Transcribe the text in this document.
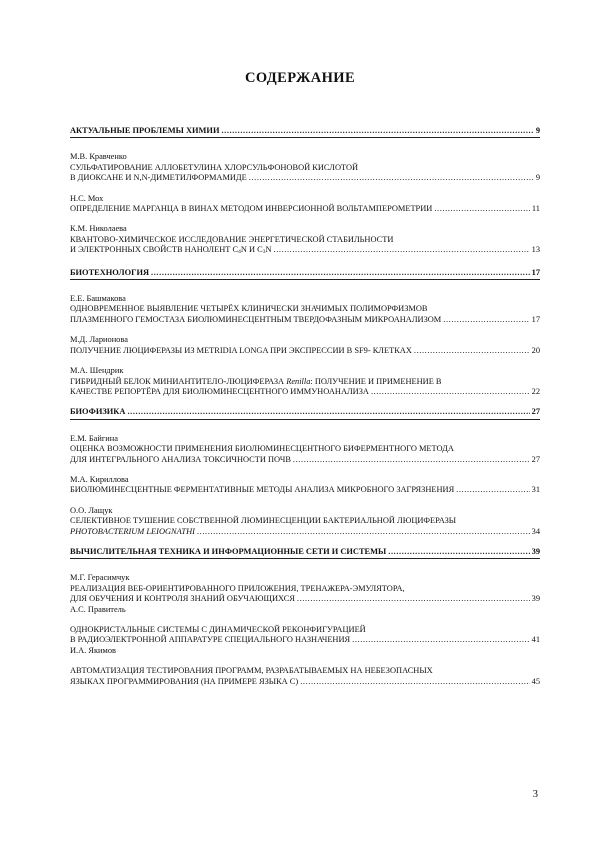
СОДЕРЖАНИЕ
АКТУАЛЬНЫЕ ПРОБЛЕМЫ ХИМИИ .....	9
М.В. Кравченко
СУЛЬФАТИРОВАНИЕ АЛЛОБЕТУЛИНА ХЛОРСУЛЬФОНОВОЙ КИСЛОТОЙ
В ДИОКСАНЕ И N,N-ДИМЕТИЛФОРМАМИДЕ .....	9
Н.С. Мох
ОПРЕДЕЛЕНИЕ МАРГАНЦА В ВИНАХ МЕТОДОМ ИНВЕРСИОННОЙ ВОЛЬТАМПЕРОМЕТРИИ .....	11
К.М. Николаева
КВАНТОВО-ХИМИЧЕСКОЕ ИССЛЕДОВАНИЕ ЭНЕРГЕТИЧЕСКОЙ СТАБИЛЬНОСТИ
И ЭЛЕКТРОННЫХ СВОЙСТВ НАНОЛЕНТ C4N И C3N .....	13
БИОТЕХНОЛОГИЯ .....	17
Е.Е. Башмакова
ОДНОВРЕМЕННОЕ ВЫЯВЛЕНИЕ ЧЕТЫРЁХ КЛИНИЧЕСКИ ЗНАЧИМЫХ ПОЛИМОРФИЗМОВ
ПЛАЗМЕННОГО ГЕМОСТАЗА БИОЛЮМИНЕСЦЕНТНЫМ ТВЕРДОФАЗНЫМ МИКРОАНАЛИЗОМ .....	17
М.Д. Ларионова
ПОЛУЧЕНИЕ ЛЮЦИФЕРАЗЫ ИЗ METRIDIA LONGA ПРИ ЭКСПРЕССИИ В SF9- КЛЕТКАХ .....	20
М.А. Шендрик
ГИБРИДНЫЙ БЕЛОК МИНИАНТИТЕЛО-ЛЮЦИФЕРАЗА Renilla: ПОЛУЧЕНИЕ И ПРИМЕНЕНИЕ В
КАЧЕСТВЕ РЕПОРТЁРА ДЛЯ БИОЛЮМИНЕСЦЕНТНОГО ИММУНОАНАЛИЗА .....	22
БИОФИЗИКА .....	27
Е.М. Байгина
ОЦЕНКА ВОЗМОЖНОСТИ ПРИМЕНЕНИЯ БИОЛЮМИНЕСЦЕНТНОГО БИФЕРМЕНТНОГО МЕТОДА
ДЛЯ ИНТЕГРАЛЬНОГО АНАЛИЗА ТОКСИЧНОСТИ ПОЧВ .....	27
М.А. Кириллова
БИОЛЮМИНЕСЦЕНТНЫЕ ФЕРМЕНТАТИВНЫЕ МЕТОДЫ АНАЛИЗА МИКРОБНОГО ЗАГРЯЗНЕНИЯ .....	31
О.О. Лащук
СЕЛЕКТИВНОЕ ТУШЕНИЕ СОБСТВЕННОЙ ЛЮМИНЕСЦЕНЦИИ БАКТЕРИАЛЬНОЙ ЛЮЦИФЕРАЗЫ
PHOTOBACTERIUM LEIOGNATHI .....	34
ВЫЧИСЛИТЕЛЬНАЯ ТЕХНИКА И ИНФОРМАЦИОННЫЕ СЕТИ И СИСТЕМЫ .....	39
М.Г. Герасимчук
РЕАЛИЗАЦИЯ ВЕБ-ОРИЕНТИРОВАННОГО ПРИЛОЖЕНИЯ, ТРЕНАЖЕРА-ЭМУЛЯТОРА,
ДЛЯ ОБУЧЕНИЯ И КОНТРОЛЯ ЗНАНИЙ ОБУЧАЮЩИХСЯ .....	39
А.С. Правитель
ОДНОКРИСТАЛЬНЫЕ СИСТЕМЫ С ДИНАМИЧЕСКОЙ РЕКОНФИГУРАЦИЕЙ
В РАДИОЭЛЕКТРОННОЙ АППАРАТУРЕ СПЕЦИАЛЬНОГО НАЗНАЧЕНИЯ .....	41
И.А. Якимов
АВТОМАТИЗАЦИЯ ТЕСТИРОВАНИЯ ПРОГРАММ, РАЗРАБАТЫВАЕМЫХ НА НЕБЕЗОПАСНЫХ
ЯЗЫКАХ ПРОГРАММИРОВАНИЯ (НА ПРИМЕРЕ ЯЗЫКА С) .....	45
3
